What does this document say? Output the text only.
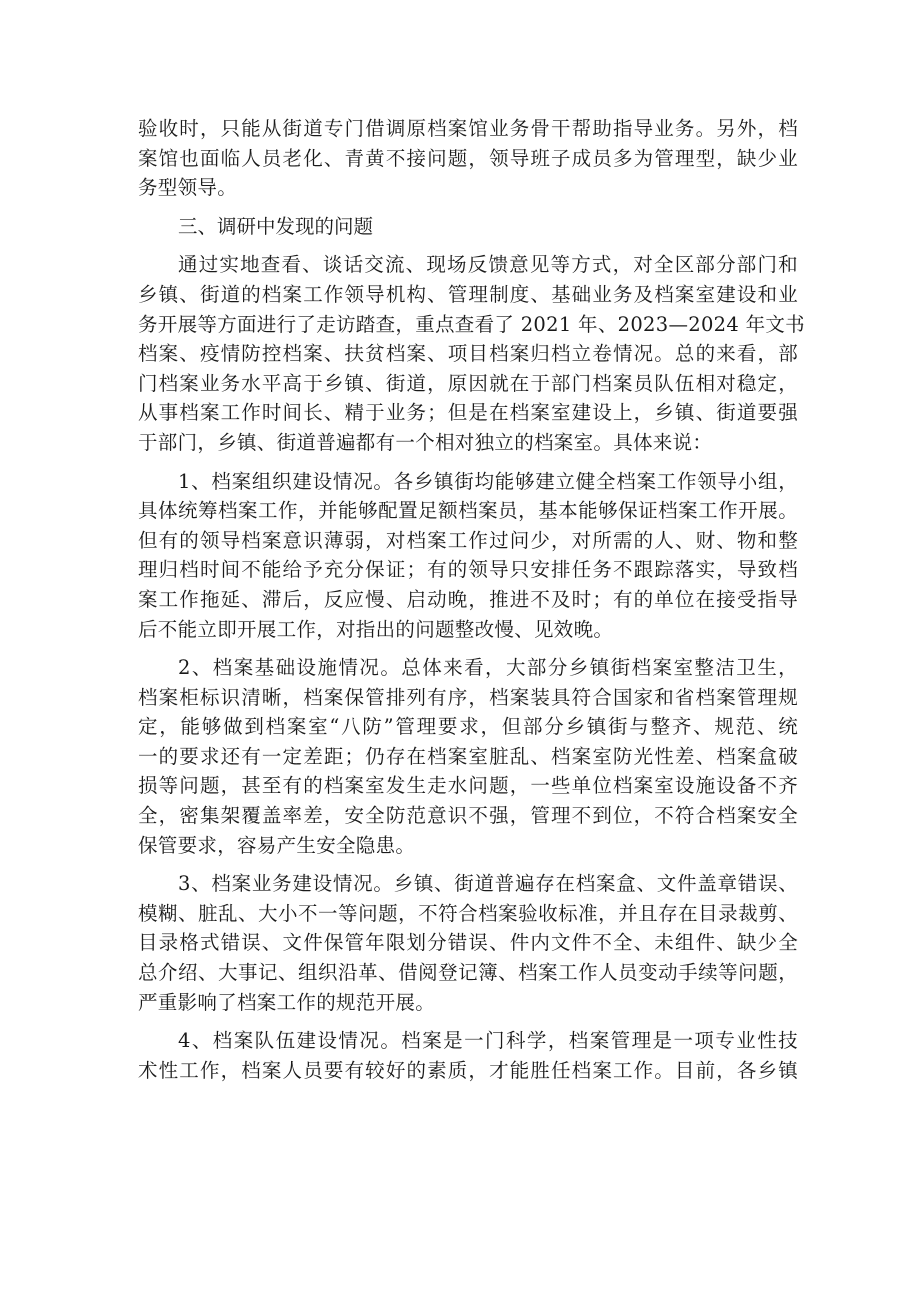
验收时，只能从街道专门借调原档案馆业务骨干帮助指导业务。另外，档
案馆也面临人员老化、青黄不接问题，领导班子成员多为管理型，缺少业
务型领导。

三、调研中发现的问题

通过实地查看、谈话交流、现场反馈意见等方式，对全区部分部门和
乡镇、街道的档案工作领导机构、管理制度、基础业务及档案室建设和业
务开展等方面进行了走访踏查，重点查看了 2021 年、2023—2024 年文书
档案、疫情防控档案、扶贫档案、项目档案归档立卷情况。总的来看，部
门档案业务水平高于乡镇、街道，原因就在于部门档案员队伍相对稳定，
从事档案工作时间长、精于业务；但是在档案室建设上，乡镇、街道要强
于部门，乡镇、街道普遍都有一个相对独立的档案室。具体来说：

1、档案组织建设情况。各乡镇街均能够建立健全档案工作领导小组，
具体统筹档案工作，并能够配置足额档案员，基本能够保证档案工作开展。
但有的领导档案意识薄弱，对档案工作过问少，对所需的人、财、物和整
理归档时间不能给予充分保证；有的领导只安排任务不跟踪落实，导致档
案工作拖延、滞后，反应慢、启动晚，推进不及时；有的单位在接受指导
后不能立即开展工作，对指出的问题整改慢、见效晚。

2、档案基础设施情况。总体来看，大部分乡镇街档案室整洁卫生，
档案柜标识清晰，档案保管排列有序，档案装具符合国家和省档案管理规
定，能够做到档案室“八防”管理要求，但部分乡镇街与整齐、规范、统
一的要求还有一定差距；仍存在档案室脏乱、档案室防光性差、档案盒破
损等问题，甚至有的档案室发生走水问题，一些单位档案室设施设备不齐
全，密集架覆盖率差，安全防范意识不强，管理不到位，不符合档案安全
保管要求，容易产生安全隐患。

3、档案业务建设情况。乡镇、街道普遍存在档案盒、文件盖章错误、
模糊、脏乱、大小不一等问题，不符合档案验收标准，并且存在目录裁剪、
目录格式错误、文件保管年限划分错误、件内文件不全、未组件、缺少全
总介绍、大事记、组织沿革、借阅登记簿、档案工作人员变动手续等问题，
严重影响了档案工作的规范开展。

4、档案队伍建设情况。档案是一门科学，档案管理是一项专业性技
术性工作，档案人员要有较好的素质，才能胜任档案工作。目前，各乡镇
